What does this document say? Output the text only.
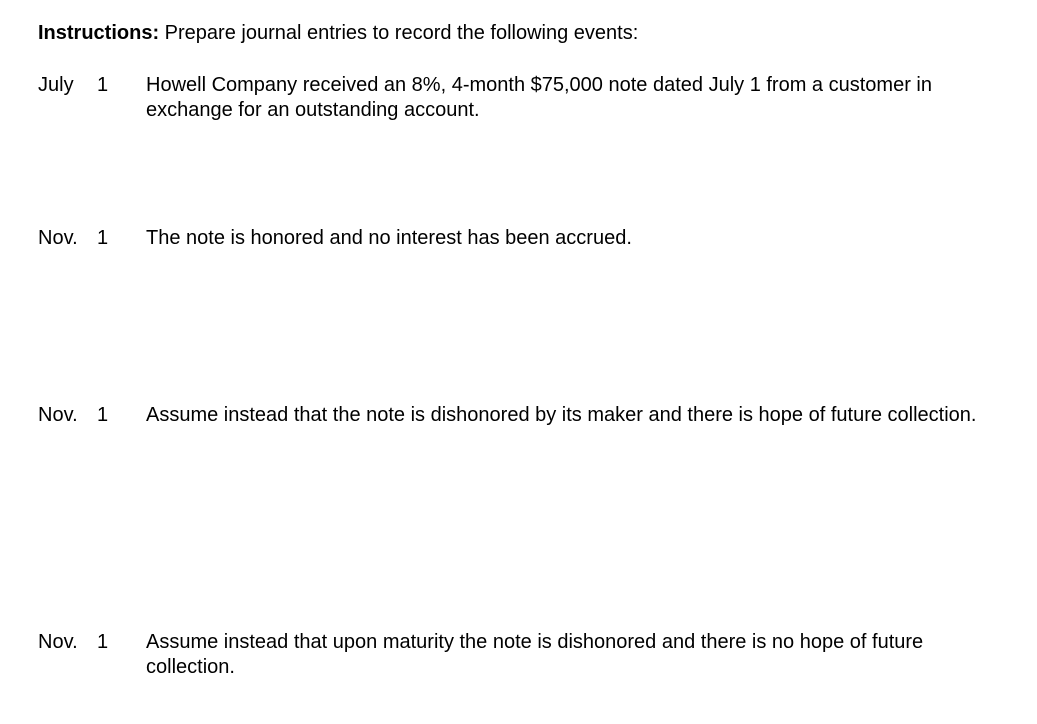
Instructions: Prepare journal entries to record the following events:
July 1 Howell Company received an 8%, 4-month $75,000 note dated July 1 from a customer in exchange for an outstanding account.
Nov. 1 The note is honored and no interest has been accrued.
Nov. 1 Assume instead that the note is dishonored by its maker and there is hope of future collection.
Nov. 1 Assume instead that upon maturity the note is dishonored and there is no hope of future collection.
